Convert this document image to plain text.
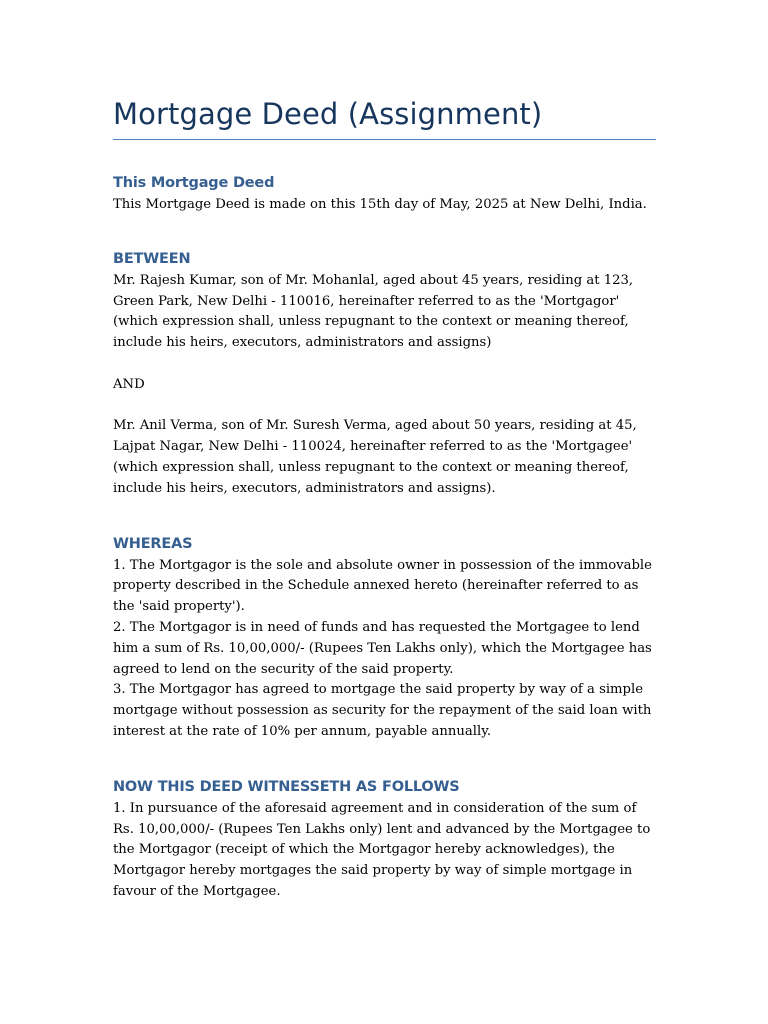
Mortgage Deed (Assignment)
This Mortgage Deed

This Mortgage Deed is made on this 15th day of May, 2025 at New Delhi, India.

BETWEEN

Mr. Rajesh Kumar, son of Mr. Mohanlal, aged about 45 years, residing at 123, Green Park, New Delhi - 110016, hereinafter referred to as the 'Mortgagor' (which expression shall, unless repugnant to the context or meaning thereof, include his heirs, executors, administrators and assigns)

AND

Mr. Anil Verma, son of Mr. Suresh Verma, aged about 50 years, residing at 45, Lajpat Nagar, New Delhi - 110024, hereinafter referred to as the 'Mortgagee' (which expression shall, unless repugnant to the context or meaning thereof, include his heirs, executors, administrators and assigns).

WHEREAS

1. The Mortgagor is the sole and absolute owner in possession of the immovable property described in the Schedule annexed hereto (hereinafter referred to as the 'said property').

2. The Mortgagor is in need of funds and has requested the Mortgagee to lend him a sum of Rs. 10,00,000/- (Rupees Ten Lakhs only), which the Mortgagee has agreed to lend on the security of the said property.

3. The Mortgagor has agreed to mortgage the said property by way of a simple mortgage without possession as security for the repayment of the said loan with interest at the rate of 10% per annum, payable annually.

NOW THIS DEED WITNESSETH AS FOLLOWS

1. In pursuance of the aforesaid agreement and in consideration of the sum of Rs. 10,00,000/- (Rupees Ten Lakhs only) lent and advanced by the Mortgagee to the Mortgagor (receipt of which the Mortgagor hereby acknowledges), the Mortgagor hereby mortgages the said property by way of simple mortgage in favour of the Mortgagee.
